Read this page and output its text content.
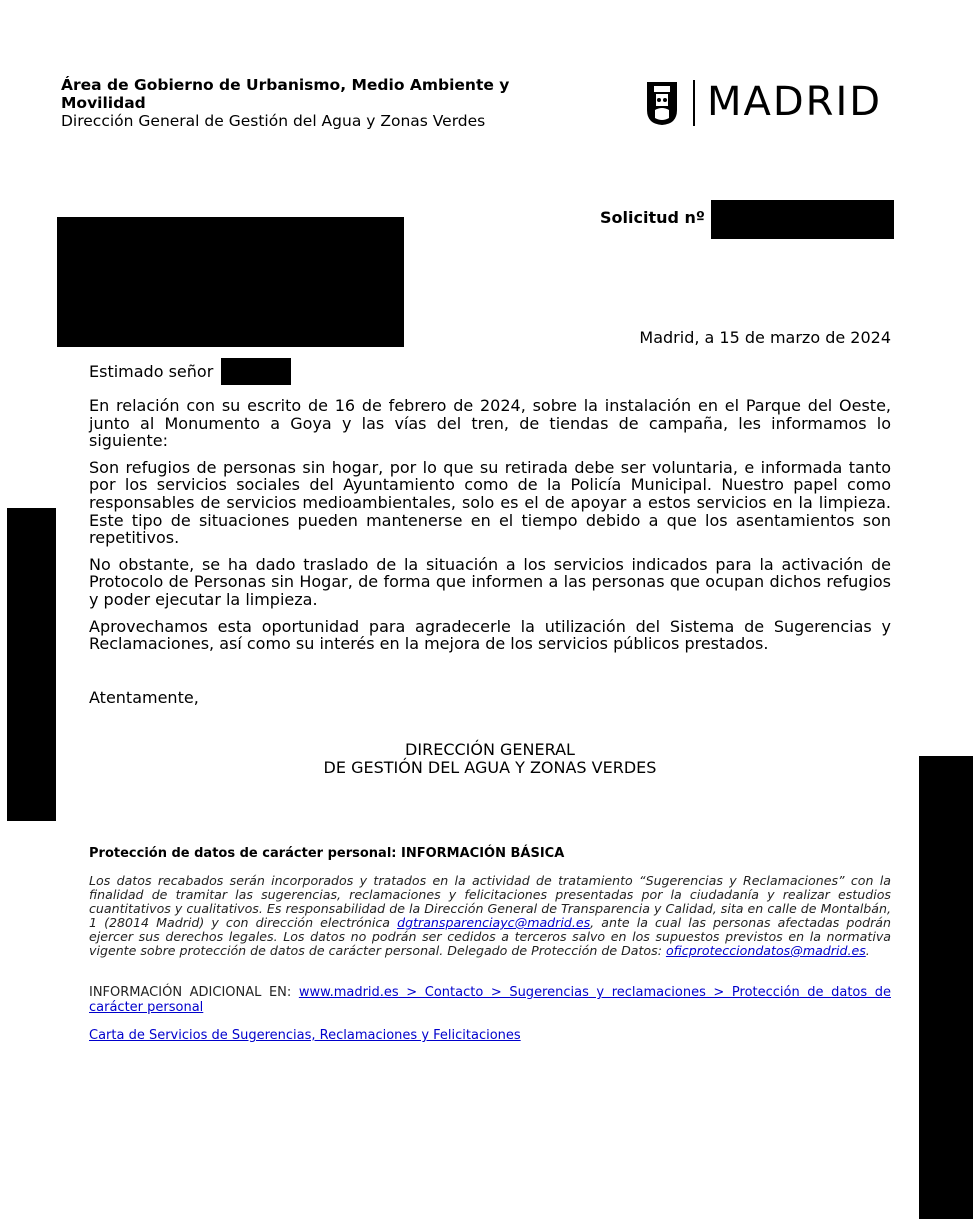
Área de Gobierno de Urbanismo, Medio Ambiente y Movilidad
Dirección General de Gestión del Agua y Zonas Verdes	MADRID
Solicitud nº
Madrid, a 15 de marzo de 2024
Estimado señor

En relación con su escrito de 16 de febrero de 2024, sobre la instalación en el Parque del Oeste, junto al Monumento a Goya y las vías del tren, de tiendas de campaña, les informamos lo siguiente:

Son refugios de personas sin hogar, por lo que su retirada debe ser voluntaria, e informada tanto por los servicios sociales del Ayuntamiento como de la Policía Municipal. Nuestro papel como responsables de servicios medioambientales, solo es el de apoyar a estos servicios en la limpieza. Este tipo de situaciones pueden mantenerse en el tiempo debido a que los asentamientos son repetitivos.

No obstante, se ha dado traslado de la situación a los servicios indicados para la activación de Protocolo de Personas sin Hogar, de forma que informen a las personas que ocupan dichos refugios y poder ejecutar la limpieza.

Aprovechamos esta oportunidad para agradecerle la utilización del Sistema de Sugerencias y Reclamaciones, así como su interés en la mejora de los servicios públicos prestados.

Atentamente,
DIRECCIÓN GENERAL
DE GESTIÓN DEL AGUA Y ZONAS VERDES
Protección de datos de carácter personal: INFORMACIÓN BÁSICA
Los datos recabados serán incorporados y tratados en la actividad de tratamiento “Sugerencias y Reclamaciones” con la finalidad de tramitar las sugerencias, reclamaciones y felicitaciones presentadas por la ciudadanía y realizar estudios cuantitativos y cualitativos. Es responsabilidad de la Dirección General de Transparencia y Calidad, sita en calle de Montalbán, 1 (28014 Madrid) y con dirección electrónica dgtransparenciayc@madrid.es, ante la cual las personas afectadas podrán ejercer sus derechos legales. Los datos no podrán ser cedidos a terceros salvo en los supuestos previstos en la normativa vigente sobre protección de datos de carácter personal. Delegado de Protección de Datos: oficprotecciondatos@madrid.es.
INFORMACIÓN ADICIONAL EN: www.madrid.es > Contacto > Sugerencias y reclamaciones > Protección de datos de carácter personal
Carta de Servicios de Sugerencias, Reclamaciones y Felicitaciones
